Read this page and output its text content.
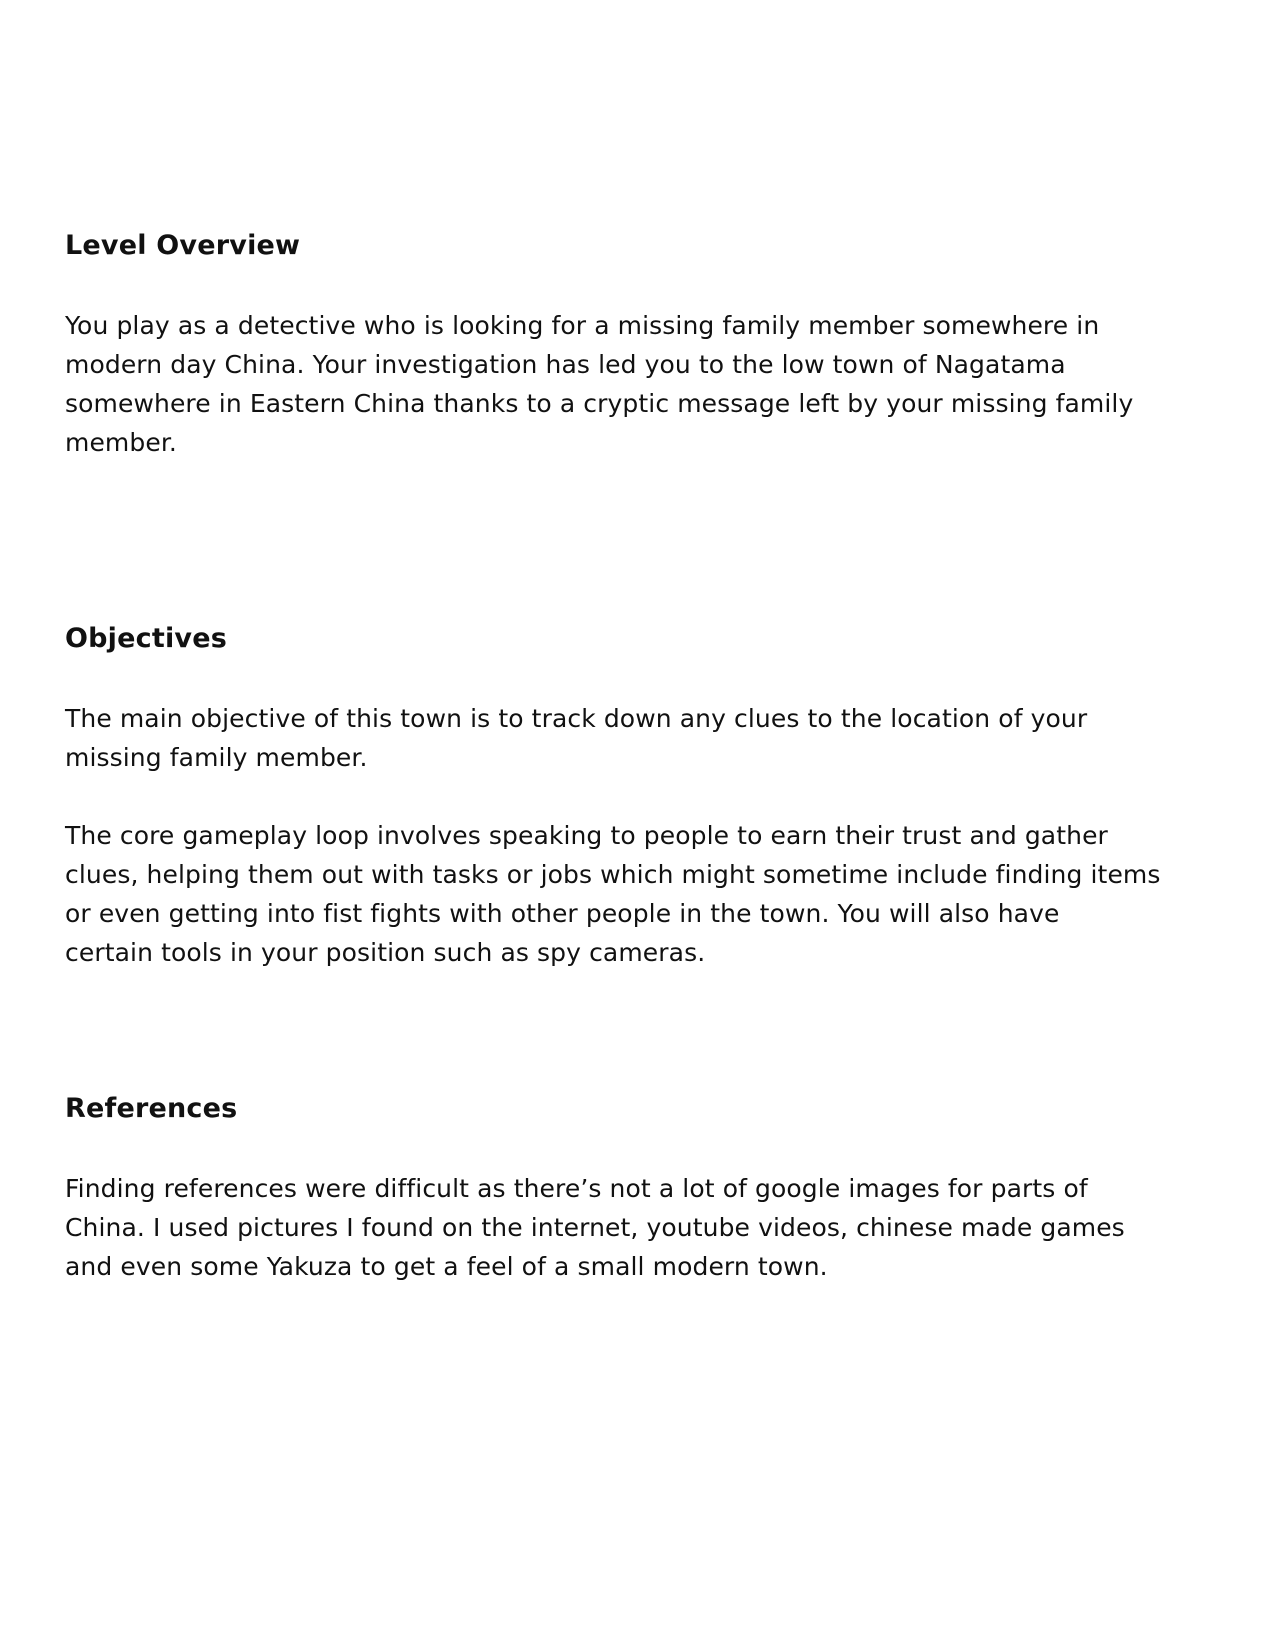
Level Overview

You play as a detective who is looking for a missing family member somewhere in
modern day China. Your investigation has led you to the low town of Nagatama
somewhere in Eastern China thanks to a cryptic message left by your missing family
member.

Objectives

The main objective of this town is to track down any clues to the location of your
missing family member.

The core gameplay loop involves speaking to people to earn their trust and gather
clues, helping them out with tasks or jobs which might sometime include finding items
or even getting into fist fights with other people in the town. You will also have
certain tools in your position such as spy cameras.

References

Finding references were difficult as there’s not a lot of google images for parts of
China. I used pictures I found on the internet, youtube videos, chinese made games
and even some Yakuza to get a feel of a small modern town.
